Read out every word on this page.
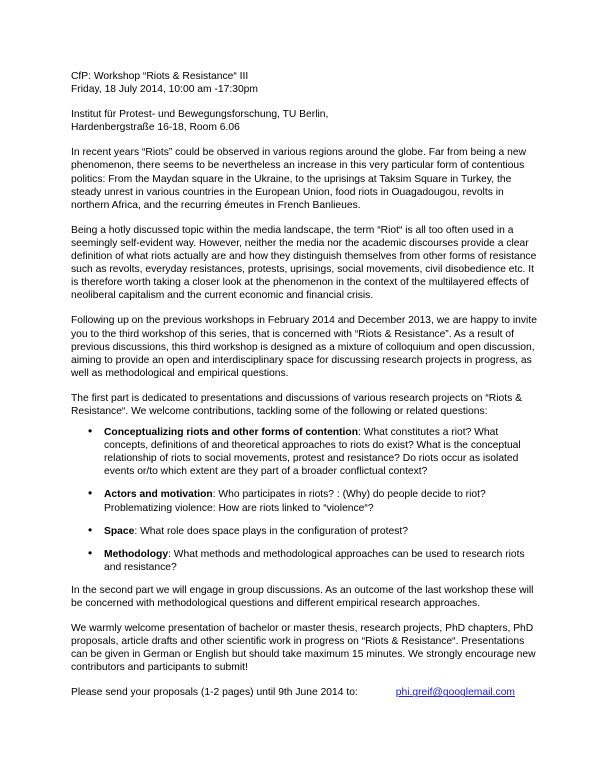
CfP: Workshop “Riots & Resistance“ III

Friday, 18 July 2014, 10:00 am -17:30pm

Institut für Protest- und Bewegungsforschung, TU Berlin,

Hardenbergstraße 16-18, Room 6.06

In recent years “Riots” could be observed in various regions around the globe. Far from being a new phenomenon, there seems to be nevertheless an increase in this very particular form of contentious politics: From the Maydan square in the Ukraine, to the uprisings at Taksim Square in Turkey, the steady unrest in various countries in the European Union, food riots in Ouagadougou, revolts in northern Africa, and the recurring émeutes in French Banlieues.

Being a hotly discussed topic within the media landscape, the term “Riot“ is all too often used in a seemingly self-evident way. However, neither the media nor the academic discourses provide a clear definition of what riots actually are and how they distinguish themselves from other forms of resistance such as revolts, everyday resistances, protests, uprisings, social movements, civil disobedience etc. It is therefore worth taking a closer look at the phenomenon in the context of the multilayered effects of neoliberal capitalism and the current economic and financial crisis.

Following up on the previous workshops in February 2014 and December 2013, we are happy to invite you to the third workshop of this series, that is concerned with “Riots & Resistance”. As a result of previous discussions, this third workshop is designed as a mixture of colloquium and open discussion, aiming to provide an open and interdisciplinary space for discussing research projects in progress, as well as methodological and empirical questions.

The first part is dedicated to presentations and discussions of various research projects on “Riots & Resistance“. We welcome contributions, tackling some of the following or related questions:

• Conceptualizing riots and other forms of contention: What constitutes a riot? What concepts, definitions of and theoretical approaches to riots do exist? What is the conceptual relationship of riots to social movements, protest and resistance? Do riots occur as isolated events or/to which extent are they part of a broader conflictual context?
• Actors and motivation: Who participates in riots? : (Why) do people decide to riot? Problematizing violence: How are riots linked to “violence“?
• Space: What role does space plays in the configuration of protest?
• Methodology: What methods and methodological approaches can be used to research riots and resistance?

In the second part we will engage in group discussions. As an outcome of the last workshop these will be concerned with methodological questions and different empirical research approaches.

We warmly welcome presentation of bachelor or master thesis, research projects, PhD chapters, PhD proposals, article drafts and other scientific work in progress on “Riots & Resistance“. Presentations can be given in German or English but should take maximum 15 minutes. We strongly encourage new contributors and participants to submit!

Please send your proposals (1-2 pages) until 9th June 2014 to:	phi.greif@googlemail.com
